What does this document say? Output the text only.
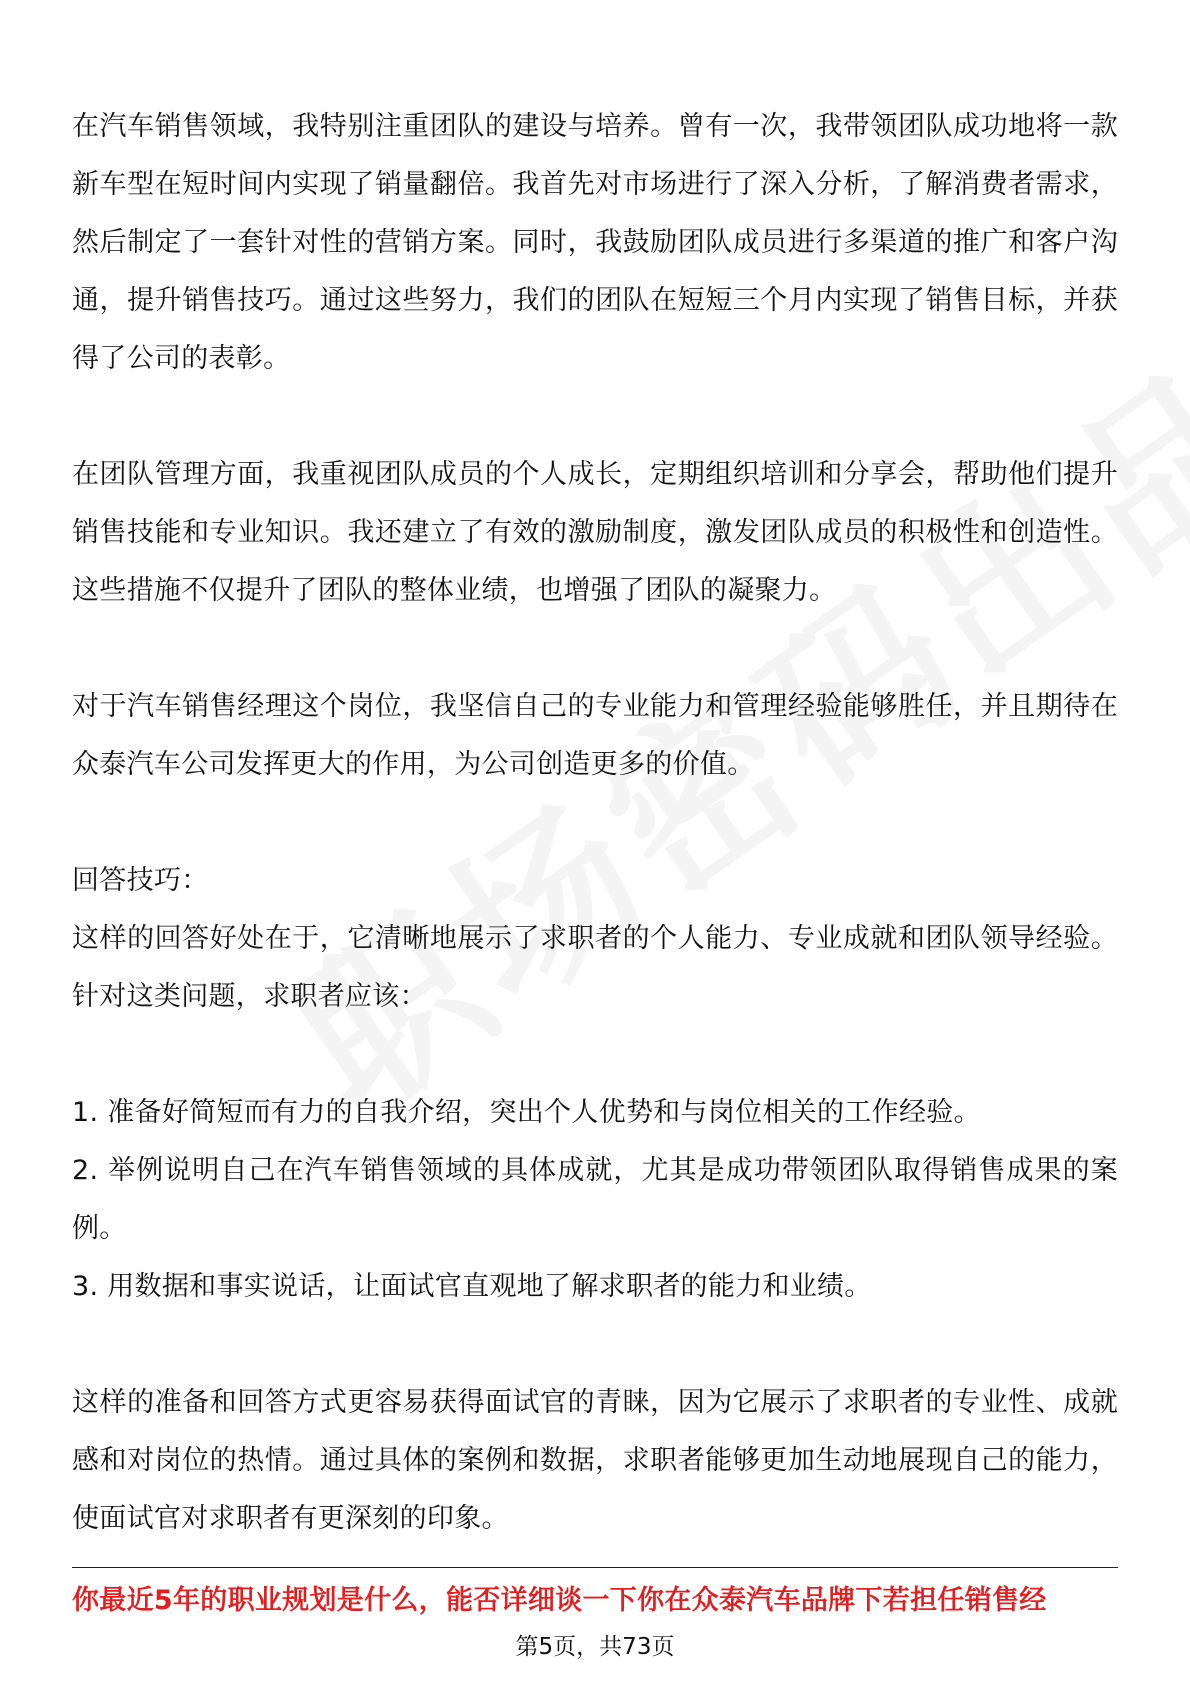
在汽车销售领域，我特别注重团队的建设与培养。曾有一次，我带领团队成功地将一款新车型在短时间内实现了销量翻倍。我首先对市场进行了深入分析，了解消费者需求，然后制定了一套针对性的营销方案。同时，我鼓励团队成员进行多渠道的推广和客户沟通，提升销售技巧。通过这些努力，我们的团队在短短三个月内实现了销售目标，并获得了公司的表彰。

在团队管理方面，我重视团队成员的个人成长，定期组织培训和分享会，帮助他们提升销售技能和专业知识。我还建立了有效的激励制度，激发团队成员的积极性和创造性。这些措施不仅提升了团队的整体业绩，也增强了团队的凝聚力。

对于汽车销售经理这个岗位，我坚信自己的专业能力和管理经验能够胜任，并且期待在众泰汽车公司发挥更大的作用，为公司创造更多的价值。

回答技巧：

这样的回答好处在于，它清晰地展示了求职者的个人能力、专业成就和团队领导经验。针对这类问题，求职者应该：

1. 准备好简短而有力的自我介绍，突出个人优势和与岗位相关的工作经验。

2. 举例说明自己在汽车销售领域的具体成就，尤其是成功带领团队取得销售成果的案例。

3. 用数据和事实说话，让面试官直观地了解求职者的能力和业绩。

这样的准备和回答方式更容易获得面试官的青睐，因为它展示了求职者的专业性、成就感和对岗位的热情。通过具体的案例和数据，求职者能够更加生动地展现自己的能力，使面试官对求职者有更深刻的印象。

你最近5年的职业规划是什么，能否详细谈一下你在众泰汽车品牌下若担任销售经
第5页，共73页
